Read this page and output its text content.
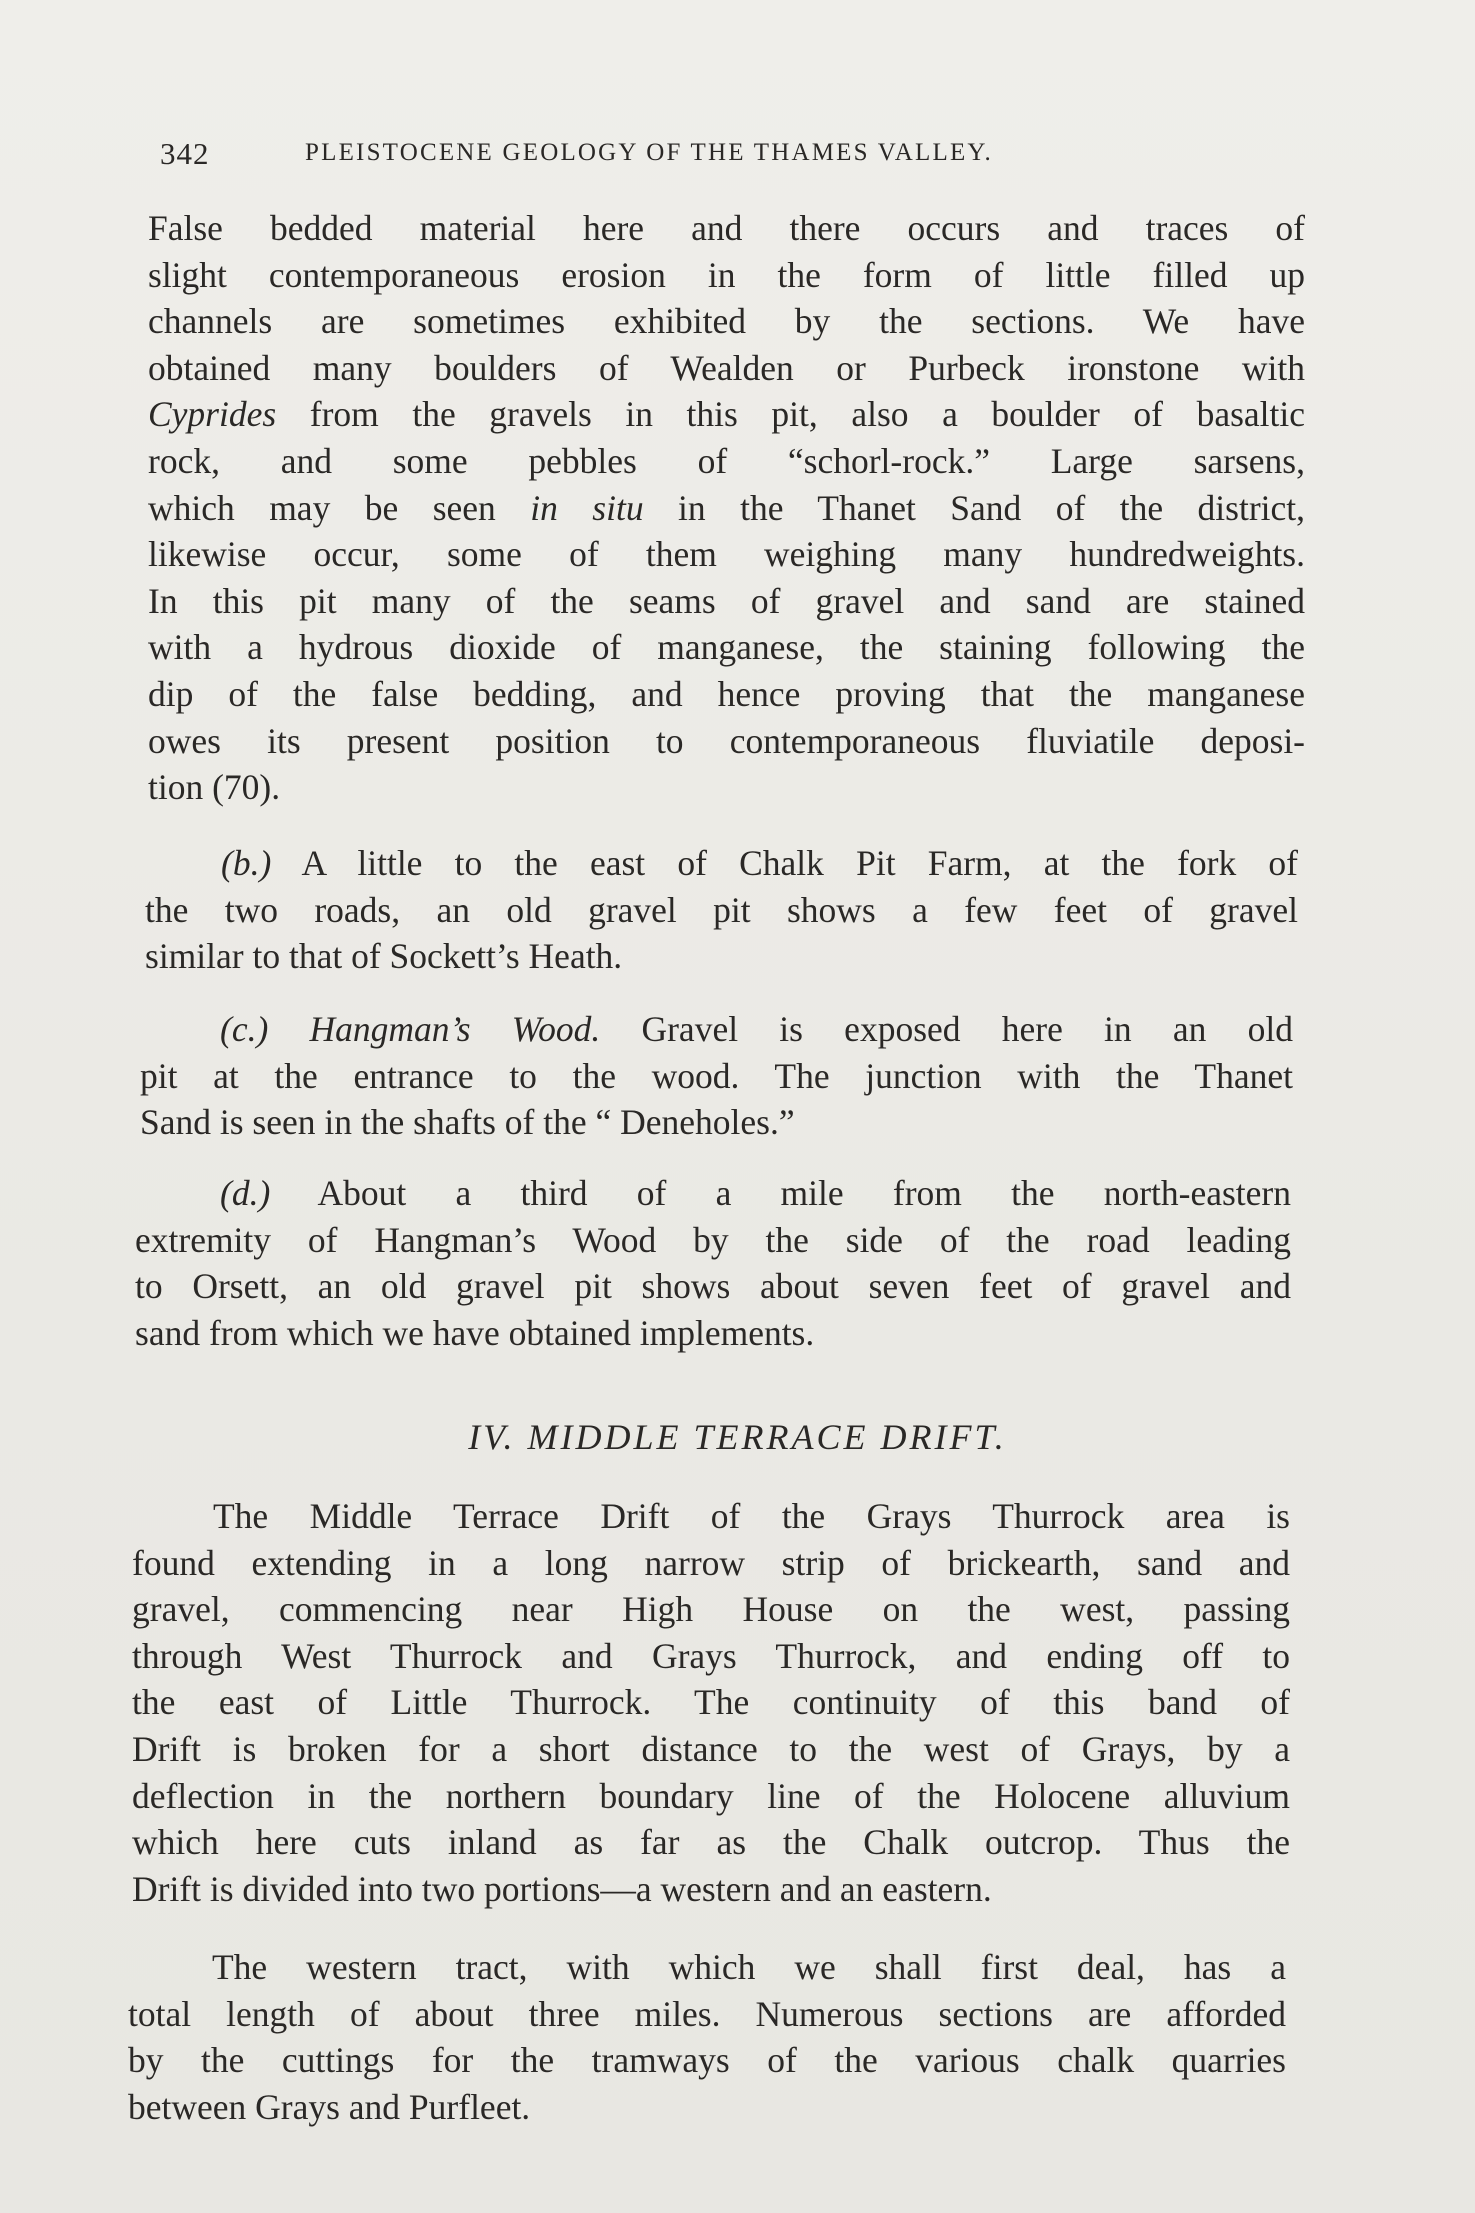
342	PLEISTOCENE GEOLOGY OF THE THAMES VALLEY.
False bedded material here and there occurs and traces of
slight contemporaneous erosion in the form of little filled up
channels are sometimes exhibited by the sections. We have
obtained many boulders of Wealden or Purbeck ironstone with
Cyprides from the gravels in this pit, also a boulder of basaltic
rock, and some pebbles of “schorl-rock.” Large sarsens,
which may be seen in situ in the Thanet Sand of the district,
likewise occur, some of them weighing many hundredweights.
In this pit many of the seams of gravel and sand are stained
with a hydrous dioxide of manganese, the staining following the
dip of the false bedding, and hence proving that the manganese
owes its present position to contemporaneous fluviatile deposi-
tion (70).
(b.) A little to the east of Chalk Pit Farm, at the fork of
the two roads, an old gravel pit shows a few feet of gravel
similar to that of Sockett’s Heath.
(c.) Hangman’s Wood. Gravel is exposed here in an old
pit at the entrance to the wood. The junction with the Thanet
Sand is seen in the shafts of the “ Deneholes.”
(d.) About a third of a mile from the north-eastern
extremity of Hangman’s Wood by the side of the road leading
to Orsett, an old gravel pit shows about seven feet of gravel and
sand from which we have obtained implements.
IV. MIDDLE TERRACE DRIFT.
The Middle Terrace Drift of the Grays Thurrock area is
found extending in a long narrow strip of brickearth, sand and
gravel, commencing near High House on the west, passing
through West Thurrock and Grays Thurrock, and ending off to
the east of Little Thurrock. The continuity of this band of
Drift is broken for a short distance to the west of Grays, by a
deflection in the northern boundary line of the Holocene alluvium
which here cuts inland as far as the Chalk outcrop. Thus the
Drift is divided into two portions—a western and an eastern.
The western tract, with which we shall first deal, has a
total length of about three miles. Numerous sections are afforded
by the cuttings for the tramways of the various chalk quarries
between Grays and Purfleet.
